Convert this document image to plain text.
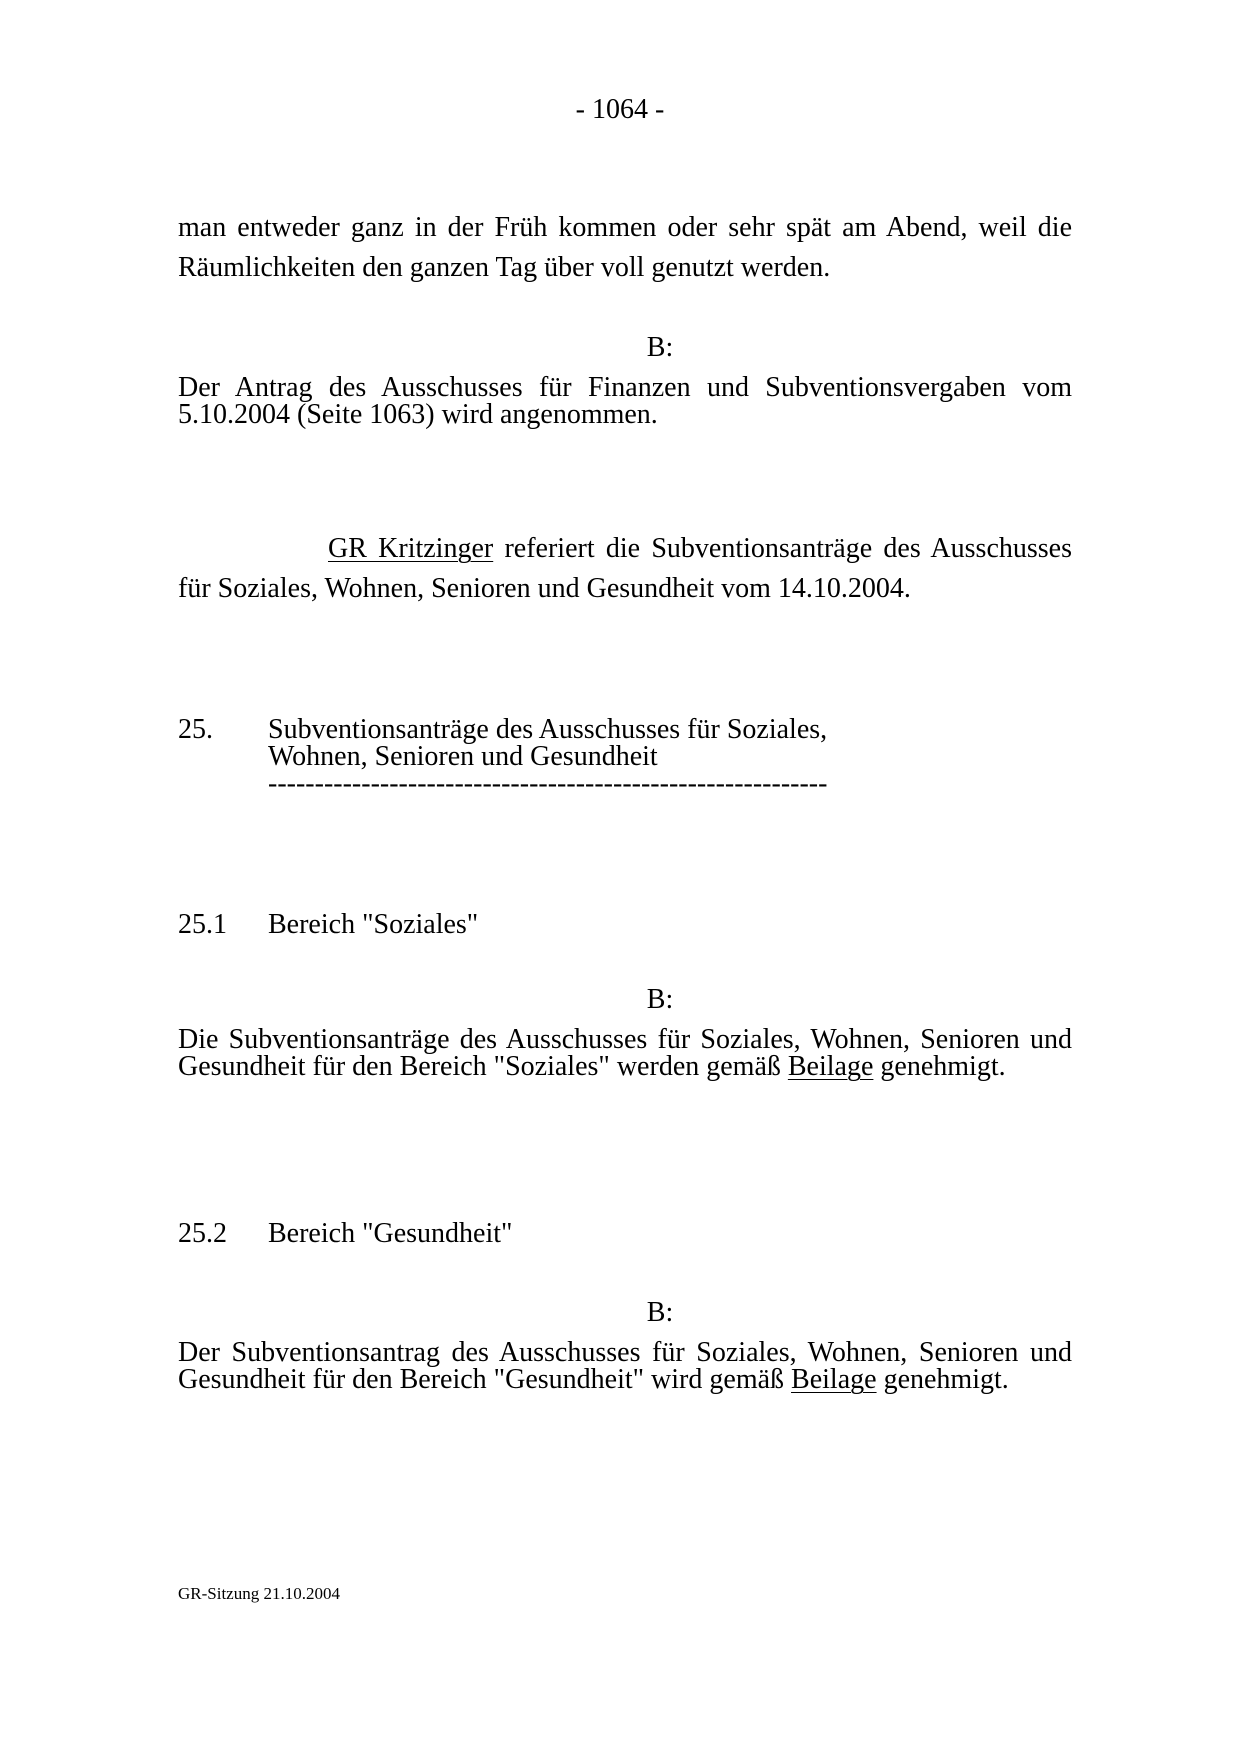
- 1064 -
man entweder ganz in der Früh kommen oder sehr spät am Abend, weil die
Räumlichkeiten den ganzen Tag über voll genutzt werden.
B:
Der Antrag des Ausschusses für Finanzen und Subventionsvergaben vom 5.10.2004 (Seite 1063) wird angenommen.
GR Kritzinger referiert die Subventionsanträge des Ausschusses für Soziales, Wohnen, Senioren und Gesundheit vom 14.10.2004.
25. Subventionsanträge des Ausschusses für Soziales,
Wohnen, Senioren und Gesundheit
------------------------------------------------------------
25.1 Bereich "Soziales"
B:
Die Subventionsanträge des Ausschusses für Soziales, Wohnen, Senioren und Gesundheit für den Bereich "Soziales" werden gemäß Beilage genehmigt.
25.2 Bereich "Gesundheit"
B:
Der Subventionsantrag des Ausschusses für Soziales, Wohnen, Senioren und Gesundheit für den Bereich "Gesundheit" wird gemäß Beilage genehmigt.
GR-Sitzung 21.10.2004
